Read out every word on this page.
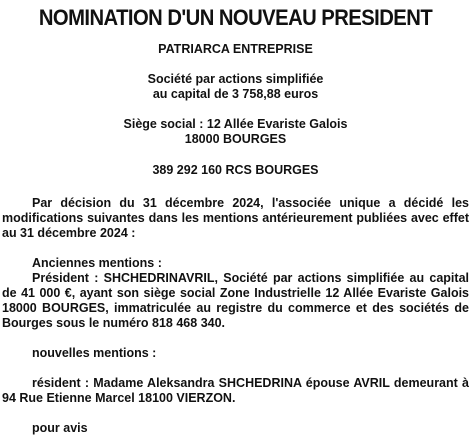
NOMINATION D'UN NOUVEAU PRESIDENT

PATRIARCA ENTREPRISE

Société par actions simplifiée

au capital de 3 758,88 euros

Siège social : 12 Allée Evariste Galois

18000 BOURGES

389 292 160 RCS BOURGES

Par décision du 31 décembre 2024, l'associée unique a décidé les modifications suivantes dans les mentions antérieurement publiées avec effet au 31 décembre 2024 :

Anciennes mentions :

Président : SHCHEDRINAVRIL, Société par actions simplifiée au capital de 41 000 €, ayant son siège social Zone Industrielle 12 Allée Evariste Galois 18000 BOURGES, immatriculée au registre du commerce et des sociétés de Bourges sous le numéro 818 468 340.

nouvelles mentions :

résident : Madame Aleksandra SHCHEDRINA épouse AVRIL demeurant à 94 Rue Etienne Marcel 18100 VIERZON.

pour avis
